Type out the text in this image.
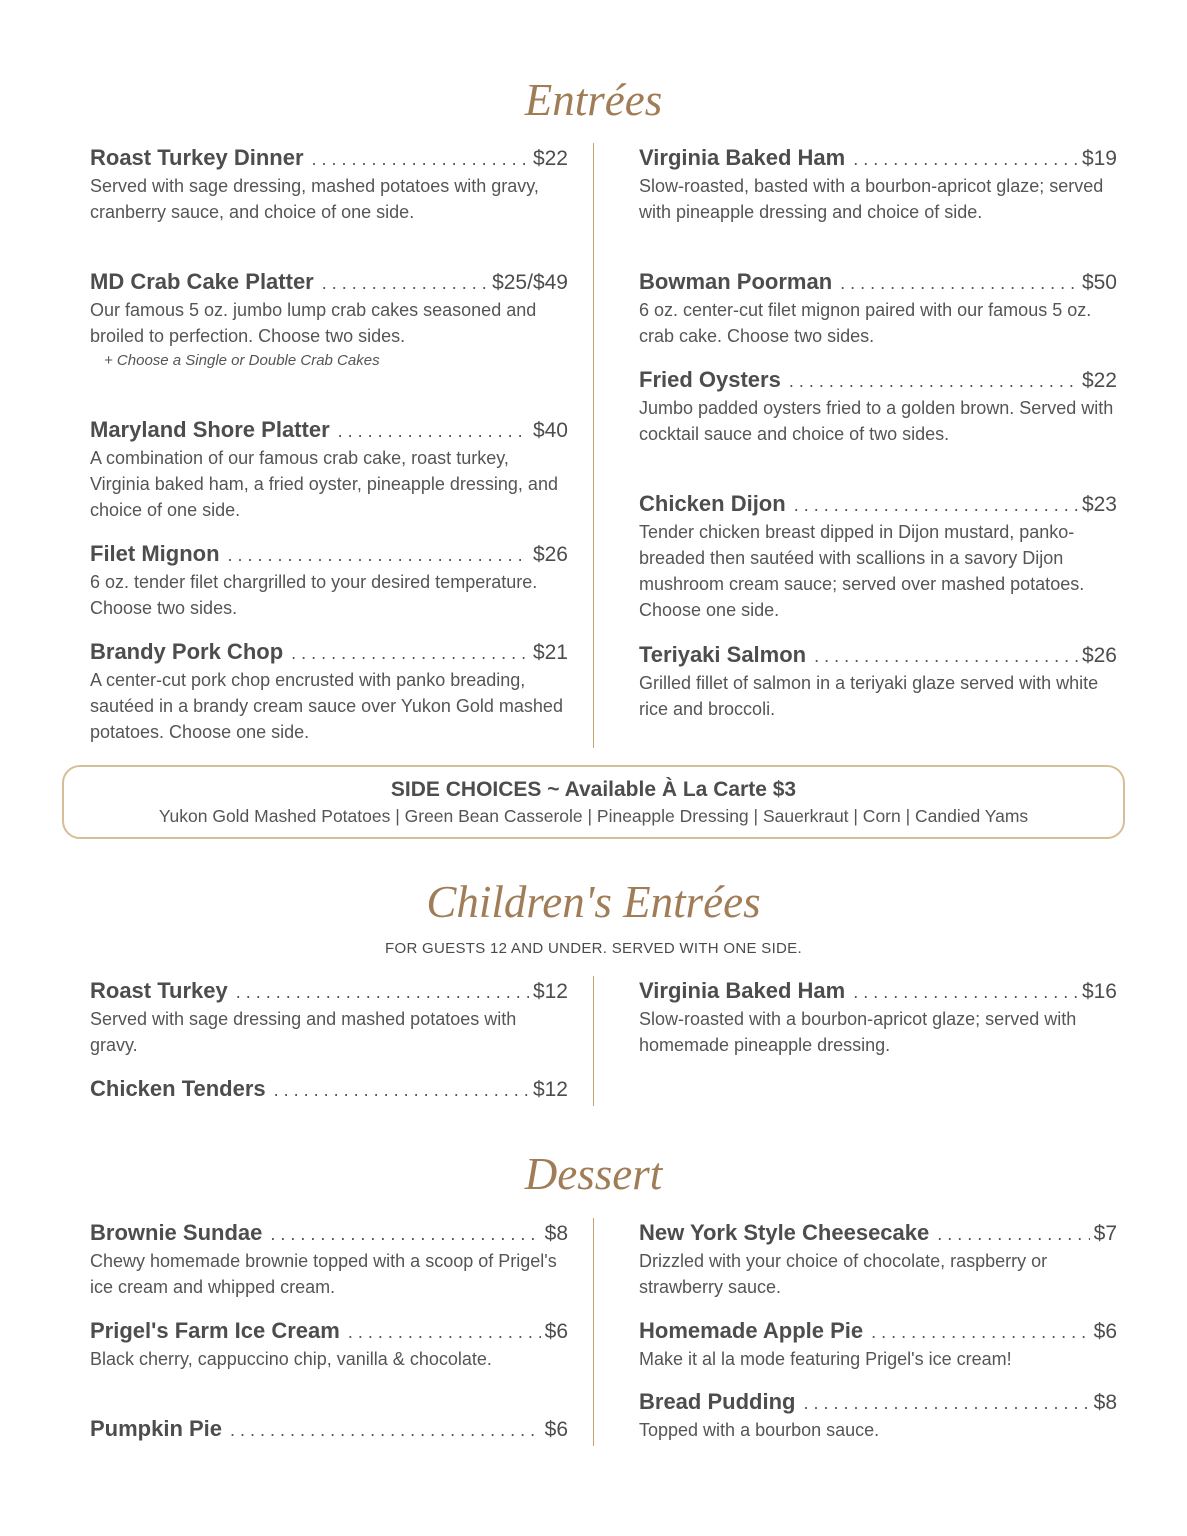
Entrées
Roast Turkey Dinner . . .	$22
Served with sage dressing, mashed potatoes with gravy, cranberry sauce, and choice of one side.
MD Crab Cake Platter . . .	$25/$49
Our famous 5 oz. jumbo lump crab cakes seasoned and broiled to perfection. Choose two sides.
+ Choose a Single or Double Crab Cakes
Maryland Shore Platter . . .	$40
A combination of our famous crab cake, roast turkey, Virginia baked ham, a fried oyster, pineapple dressing, and choice of one side.
Filet Mignon . . .	$26
6 oz. tender filet chargrilled to your desired temperature. Choose two sides.
Brandy Pork Chop . . .	$21
A center-cut pork chop encrusted with panko breading, sautéed in a brandy cream sauce over Yukon Gold mashed potatoes. Choose one side.
Virginia Baked Ham . . .	$19
Slow-roasted, basted with a bourbon-apricot glaze; served with pineapple dressing and choice of side.
Bowman Poorman . . .	$50
6 oz. center-cut filet mignon paired with our famous 5 oz. crab cake. Choose two sides.
Fried Oysters . . .	$22
Jumbo padded oysters fried to a golden brown. Served with cocktail sauce and choice of two sides.
Chicken Dijon . . .	$23
Tender chicken breast dipped in Dijon mustard, panko-breaded then sautéed with scallions in a savory Dijon mushroom cream sauce; served over mashed potatoes. Choose one side.
Teriyaki Salmon . . .	$26
Grilled fillet of salmon in a teriyaki glaze served with white rice and broccoli.
SIDE CHOICES ~ Available À La Carte $3
Yukon Gold Mashed Potatoes | Green Bean Casserole | Pineapple Dressing | Sauerkraut | Corn | Candied Yams
Children's Entrées
FOR GUESTS 12 AND UNDER. SERVED WITH ONE SIDE.
Roast Turkey . . .	$12
Served with sage dressing and mashed potatoes with gravy.
Chicken Tenders . . .	$12
Virginia Baked Ham . . .	$16
Slow-roasted with a bourbon-apricot glaze; served with homemade pineapple dressing.
Dessert
Brownie Sundae . . .	$8
Chewy homemade brownie topped with a scoop of Prigel's ice cream and whipped cream.
Prigel's Farm Ice Cream . . .	$6
Black cherry, cappuccino chip, vanilla & chocolate.
Pumpkin Pie . . .	$6
New York Style Cheesecake . . .	$7
Drizzled with your choice of chocolate, raspberry or strawberry sauce.
Homemade Apple Pie . . .	$6
Make it al la mode featuring Prigel's ice cream!
Bread Pudding . . .	$8
Topped with a bourbon sauce.
